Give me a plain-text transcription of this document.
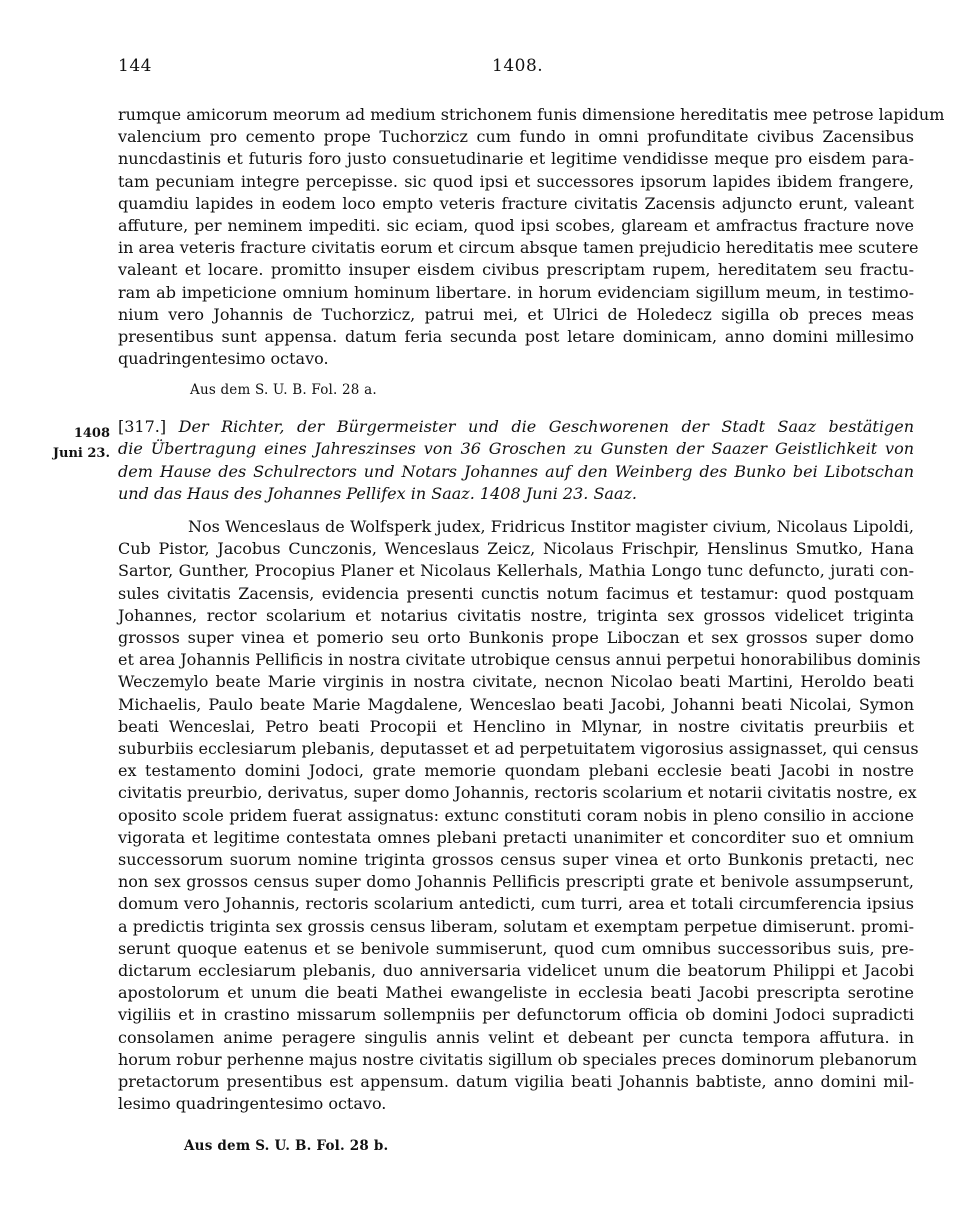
144	1408.
rumque amicorum meorum ad medium strichonem funis dimensione hereditatis mee petrose lapidum
valencium pro cemento prope Tuchorzicz cum fundo in omni profunditate civibus Zacensibus
nuncdastinis et futuris foro justo consuetudinarie et legitime vendidisse meque pro eisdem para-
tam pecuniam integre percepisse. sic quod ipsi et successores ipsorum lapides ibidem frangere,
quamdiu lapides in eodem loco empto veteris fracture civitatis Zacensis adjuncto erunt, valeant
affuture, per neminem impediti. sic eciam, quod ipsi scobes, glaream et amfractus fracture nove
in area veteris fracture civitatis eorum et circum absque tamen prejudicio hereditatis mee scutere
valeant et locare. promitto insuper eisdem civibus prescriptam rupem, hereditatem seu fractu-
ram ab impeticione omnium hominum libertare. in horum evidenciam sigillum meum, in testimo-
nium vero Johannis de Tuchorzicz, patrui mei, et Ulrici de Holedecz sigilla ob preces meas
presentibus sunt appensa. datum feria secunda post letare dominicam, anno domini millesimo
quadringentesimo octavo.
Aus dem S. U. B. Fol. 28 a.
1408
Juni 23.
[317.] Der Richter, der Bürgermeister und die Geschworenen der Stadt Saaz bestätigen
die Übertragung eines Jahreszinses von 36 Groschen zu Gunsten der Saazer Geistlichkeit von
dem Hause des Schulrectors und Notars Johannes auf den Weinberg des Bunko bei Libotschan
und das Haus des Johannes Pellifex in Saaz. 1408 Juni 23. Saaz.
Nos Wenceslaus de Wolfsperk judex, Fridricus Institor magister civium, Nicolaus Lipoldi,
Cub Pistor, Jacobus Cunczonis, Wenceslaus Zeicz, Nicolaus Frischpir, Henslinus Smutko, Hana
Sartor, Gunther, Procopius Planer et Nicolaus Kellerhals, Mathia Longo tunc defuncto, jurati con-
sules civitatis Zacensis, evidencia presenti cunctis notum facimus et testamur: quod postquam
Johannes, rector scolarium et notarius civitatis nostre, triginta sex grossos videlicet triginta
grossos super vinea et pomerio seu orto Bunkonis prope Liboczan et sex grossos super domo
et area Johannis Pellificis in nostra civitate utrobique census annui perpetui honorabilibus dominis
Weczemylo beate Marie virginis in nostra civitate, necnon Nicolao beati Martini, Heroldo beati
Michaelis, Paulo beate Marie Magdalene, Wenceslao beati Jacobi, Johanni beati Nicolai, Symon
beati Wenceslai, Petro beati Procopii et Henclino in Mlynar, in nostre civitatis preurbiis et
suburbiis ecclesiarum plebanis, deputasset et ad perpetuitatem vigorosius assignasset, qui census
ex testamento domini Jodoci, grate memorie quondam plebani ecclesie beati Jacobi in nostre
civitatis preurbio, derivatus, super domo Johannis, rectoris scolarium et notarii civitatis nostre, ex
oposito scole pridem fuerat assignatus: extunc constituti coram nobis in pleno consilio in accione
vigorata et legitime contestata omnes plebani pretacti unanimiter et concorditer suo et omnium
successorum suorum nomine triginta grossos census super vinea et orto Bunkonis pretacti, nec
non sex grossos census super domo Johannis Pellificis prescripti grate et benivole assumpserunt,
domum vero Johannis, rectoris scolarium antedicti, cum turri, area et totali circumferencia ipsius
a predictis triginta sex grossis census liberam, solutam et exemptam perpetue dimiserunt. promi-
serunt quoque eatenus et se benivole summiserunt, quod cum omnibus successoribus suis, pre-
dictarum ecclesiarum plebanis, duo anniversaria videlicet unum die beatorum Philippi et Jacobi
apostolorum et unum die beati Mathei ewangeliste in ecclesia beati Jacobi prescripta serotine
vigiliis et in crastino missarum sollempniis per defunctorum officia ob domini Jodoci supradicti
consolamen anime peragere singulis annis velint et debeant per cuncta tempora affutura. in
horum robur perhenne majus nostre civitatis sigillum ob speciales preces dominorum plebanorum
pretactorum presentibus est appensum. datum vigilia beati Johannis babtiste, anno domini mil-
lesimo quadringentesimo octavo.
Aus dem S. U. B. Fol. 28 b.
